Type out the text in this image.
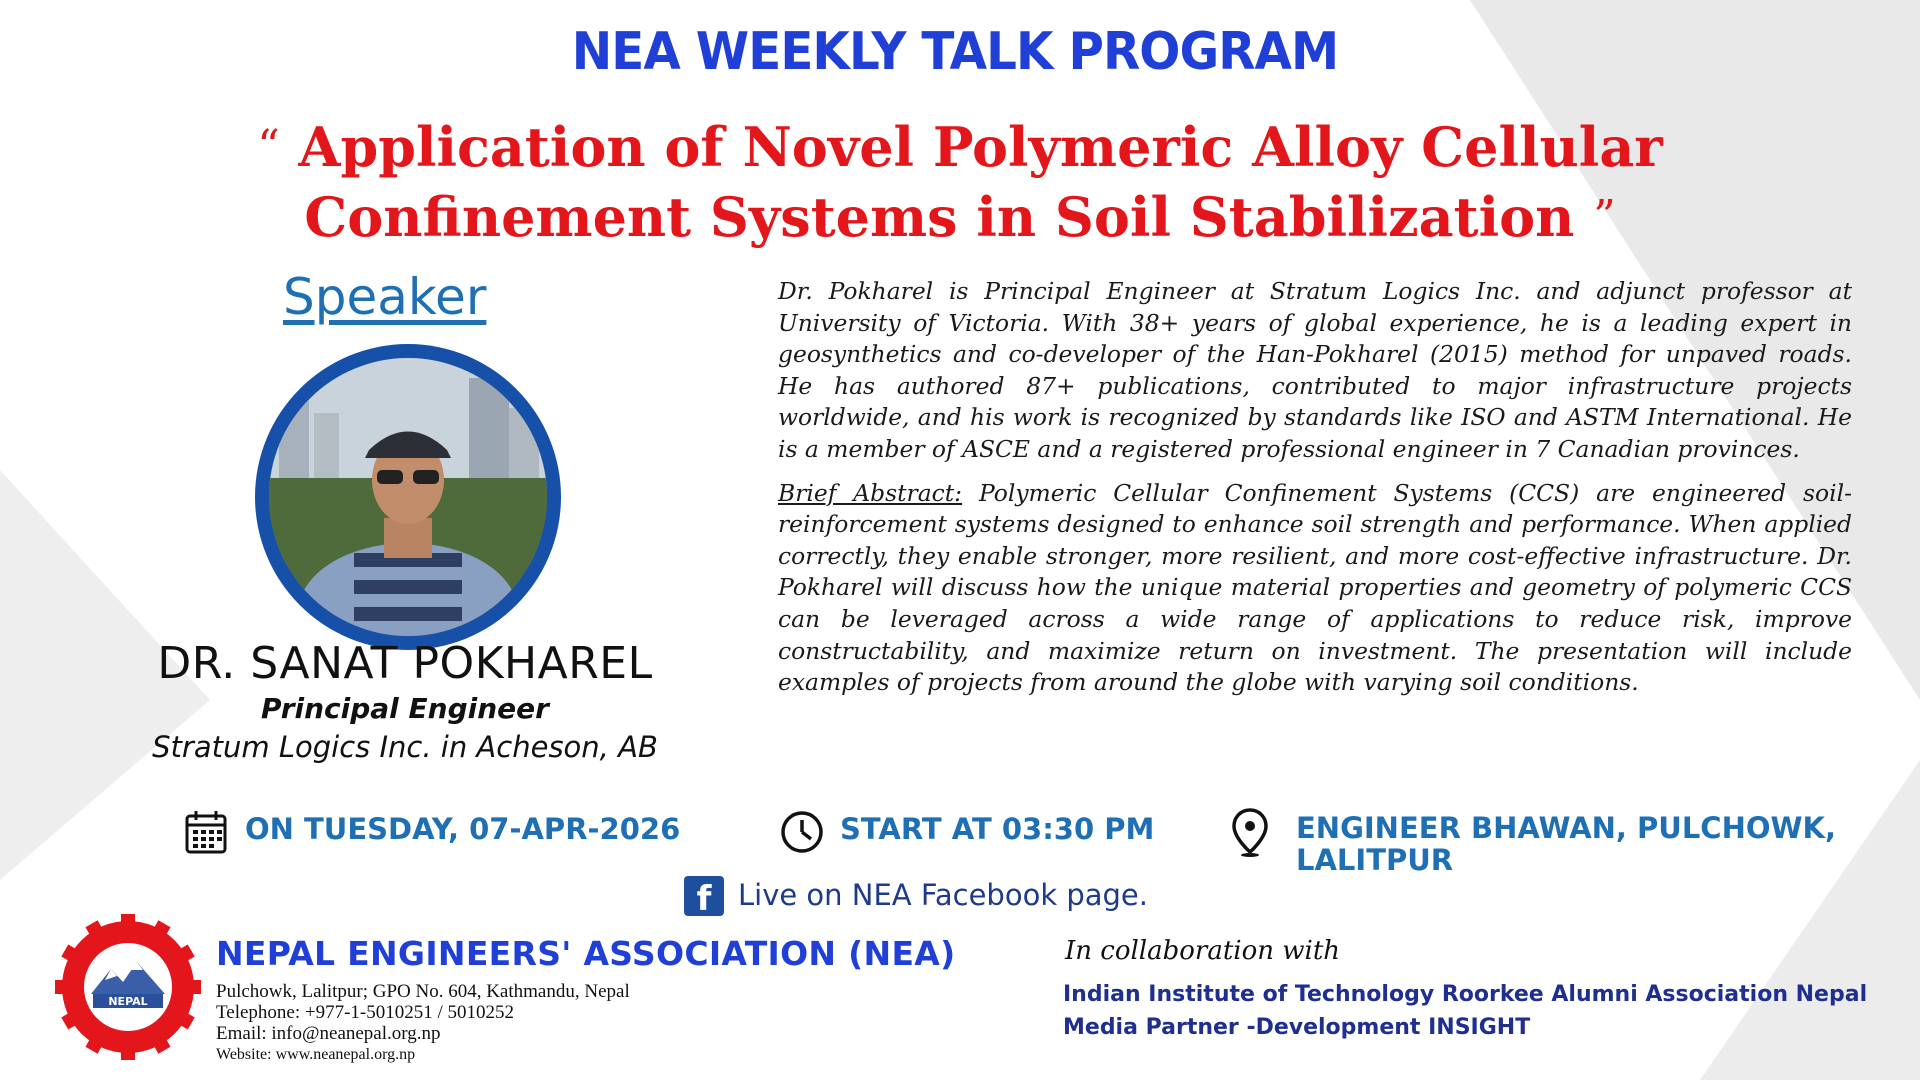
NEA WEEKLY TALK PROGRAM
“ Application of Novel Polymeric Alloy Cellular Confinement Systems in Soil Stabilization ”
Speaker
DR. SANAT POKHAREL
Principal Engineer
Stratum Logics Inc. in Acheson, AB

Dr. Pokharel is Principal Engineer at Stratum Logics Inc. and adjunct professor at University of Victoria. With 38+ years of global experience, he is a leading expert in geosynthetics and co-developer of the Han-Pokharel (2015) method for unpaved roads. He has authored 87+ publications, contributed to major infrastructure projects worldwide, and his work is recognized by standards like ISO and ASTM International. He is a member of ASCE and a registered professional engineer in 7 Canadian provinces.

Brief Abstract: Polymeric Cellular Confinement Systems (CCS) are engineered soil-reinforcement systems designed to enhance soil strength and performance. When applied correctly, they enable stronger, more resilient, and more cost-effective infrastructure. Dr. Pokharel will discuss how the unique material properties and geometry of polymeric CCS can be leveraged across a wide range of applications to reduce risk, improve constructability, and maximize return on investment. The presentation will include examples of projects from around the globe with varying soil conditions.

ON TUESDAY, 07-APR-2026	START AT 03:30 PM	ENGINEER BHAWAN, PULCHOWK,
LALITPUR
f Live on NEA Facebook page.
NEPAL
NEPAL ENGINEERS' ASSOCIATION (NEA)
Pulchowk, Lalitpur; GPO No. 604, Kathmandu, Nepal
Telephone: +977-1-5010251 / 5010252
Email: info@neanepal.org.np
Website: www.neanepal.org.np
In collaboration with
Indian Institute of Technology Roorkee Alumni Association Nepal
Media Partner -Development INSIGHT
